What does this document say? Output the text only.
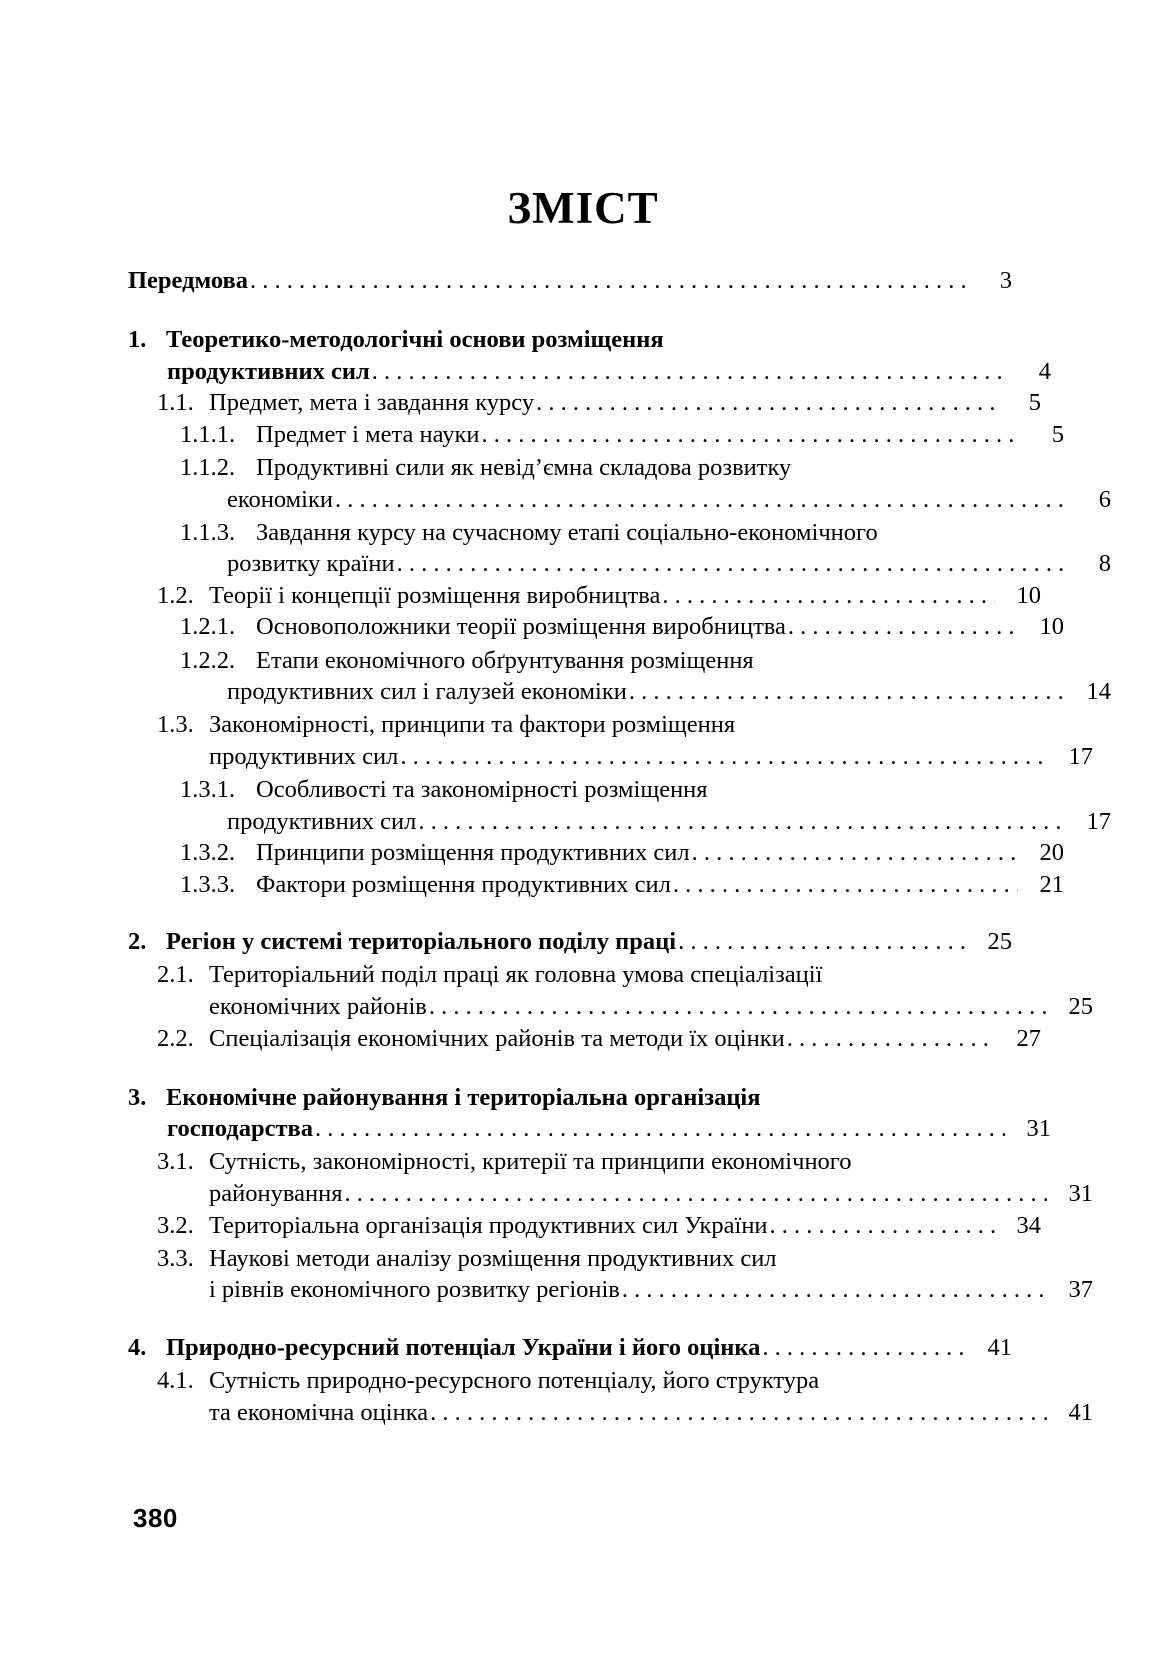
ЗМІСТ
Передмова . . .	3
1. Теоретико-методологічні основи розміщення
продуктивних сил . . .	4
1.1. Предмет, мета і завдання курсу . . .	5
1.1.1. Предмет і мета науки . . .	5
1.1.2. Продуктивні сили як невід’ємна складова розвитку
економіки . . .	6
1.1.3. Завдання курсу на сучасному етапі соціально-економічного
розвитку країни . . .	8
1.2. Теорії і концепції розміщення виробництва . . .	10
1.2.1. Основоположники теорії розміщення виробництва . . .	10
1.2.2. Етапи економічного обґрунтування розміщення
продуктивних сил і галузей економіки . . .	14
1.3. Закономірності, принципи та фактори розміщення
продуктивних сил . . .	17
1.3.1. Особливості та закономірності розміщення
продуктивних сил . . .	17
1.3.2. Принципи розміщення продуктивних сил . . .	20
1.3.3. Фактори розміщення продуктивних сил . . .	21
2. Регіон у системі територіального поділу праці . . .	25
2.1. Територіальний поділ праці як головна умова спеціалізації
економічних районів . . .	25
2.2. Спеціалізація економічних районів та методи їх оцінки . . .	27
3. Економічне районування і територіальна організація
господарства . . .	31
3.1. Сутність, закономірності, критерії та принципи економічного
районування . . .	31
3.2. Територіальна організація продуктивних сил України . . .	34
3.3. Наукові методи аналізу розміщення продуктивних сил
і рівнів економічного розвитку регіонів . . .	37
4. Природно-ресурсний потенціал України і його оцінка . . .	41
4.1. Сутність природно-ресурсного потенціалу, його структура
та економічна оцінка . . .	41
380
